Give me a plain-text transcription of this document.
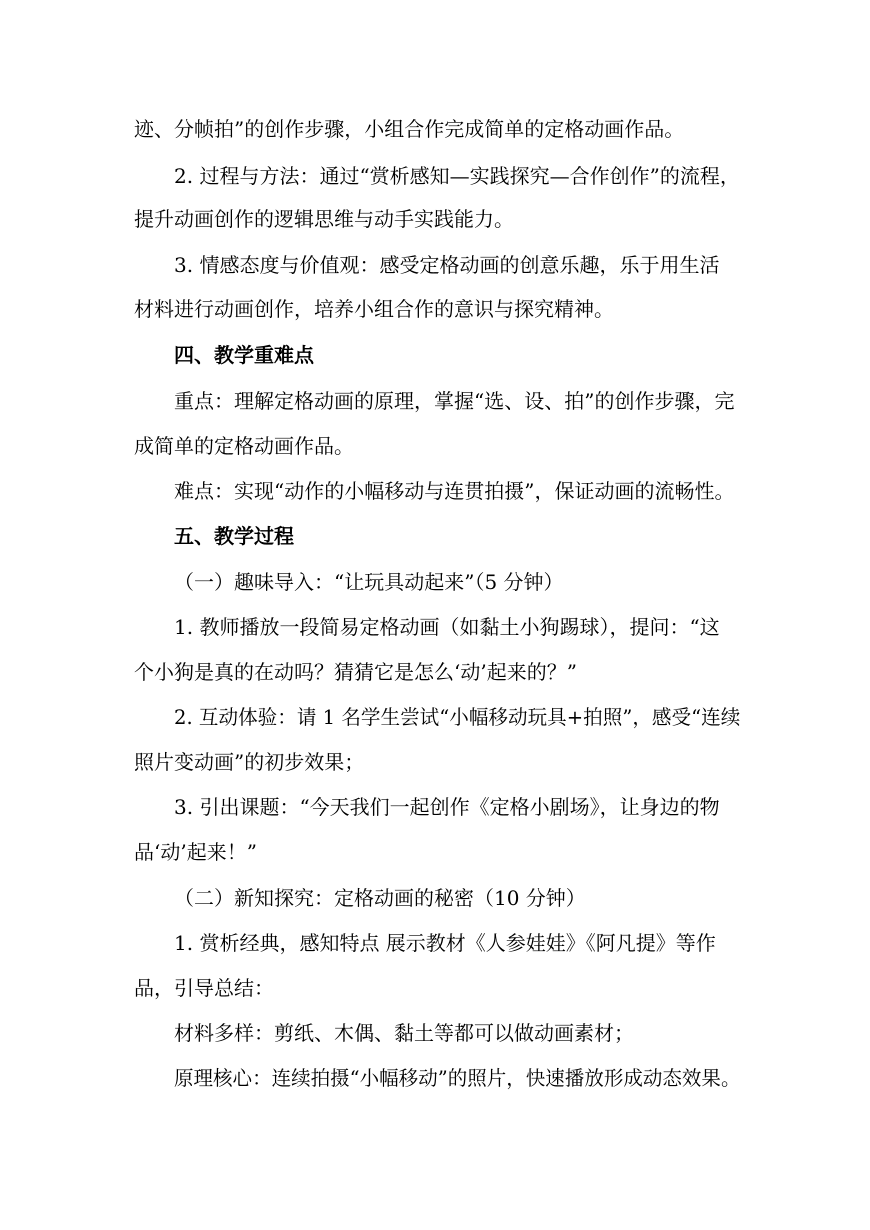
迹、分帧拍”的创作步骤，小组合作完成简单的定格动画作品。
2. 过程与方法：通过“赏析感知—实践探究—合作创作”的流程，
提升动画创作的逻辑思维与动手实践能力。
3. 情感态度与价值观：感受定格动画的创意乐趣，乐于用生活
材料进行动画创作，培养小组合作的意识与探究精神。
四、教学重难点
重点：理解定格动画的原理，掌握“选、设、拍”的创作步骤，完
成简单的定格动画作品。
难点：实现“动作的小幅移动与连贯拍摄”，保证动画的流畅性。
五、教学过程
（一）趣味导入：“让玩具动起来”（5 分钟）
1. 教师播放一段简易定格动画（如黏土小狗踢球），提问：“这
个小狗是真的在动吗？猜猜它是怎么‘动’起来的？”
2. 互动体验：请 1 名学生尝试“小幅移动玩具+拍照”，感受“连续
照片变动画”的初步效果；
3. 引出课题：“今天我们一起创作《定格小剧场》，让身边的物
品‘动’起来！”
（二）新知探究：定格动画的秘密（10 分钟）
1. 赏析经典，感知特点 展示教材《人参娃娃》《阿凡提》等作
品，引导总结：
材料多样：剪纸、木偶、黏土等都可以做动画素材；
原理核心：连续拍摄“小幅移动”的照片，快速播放形成动态效果。
